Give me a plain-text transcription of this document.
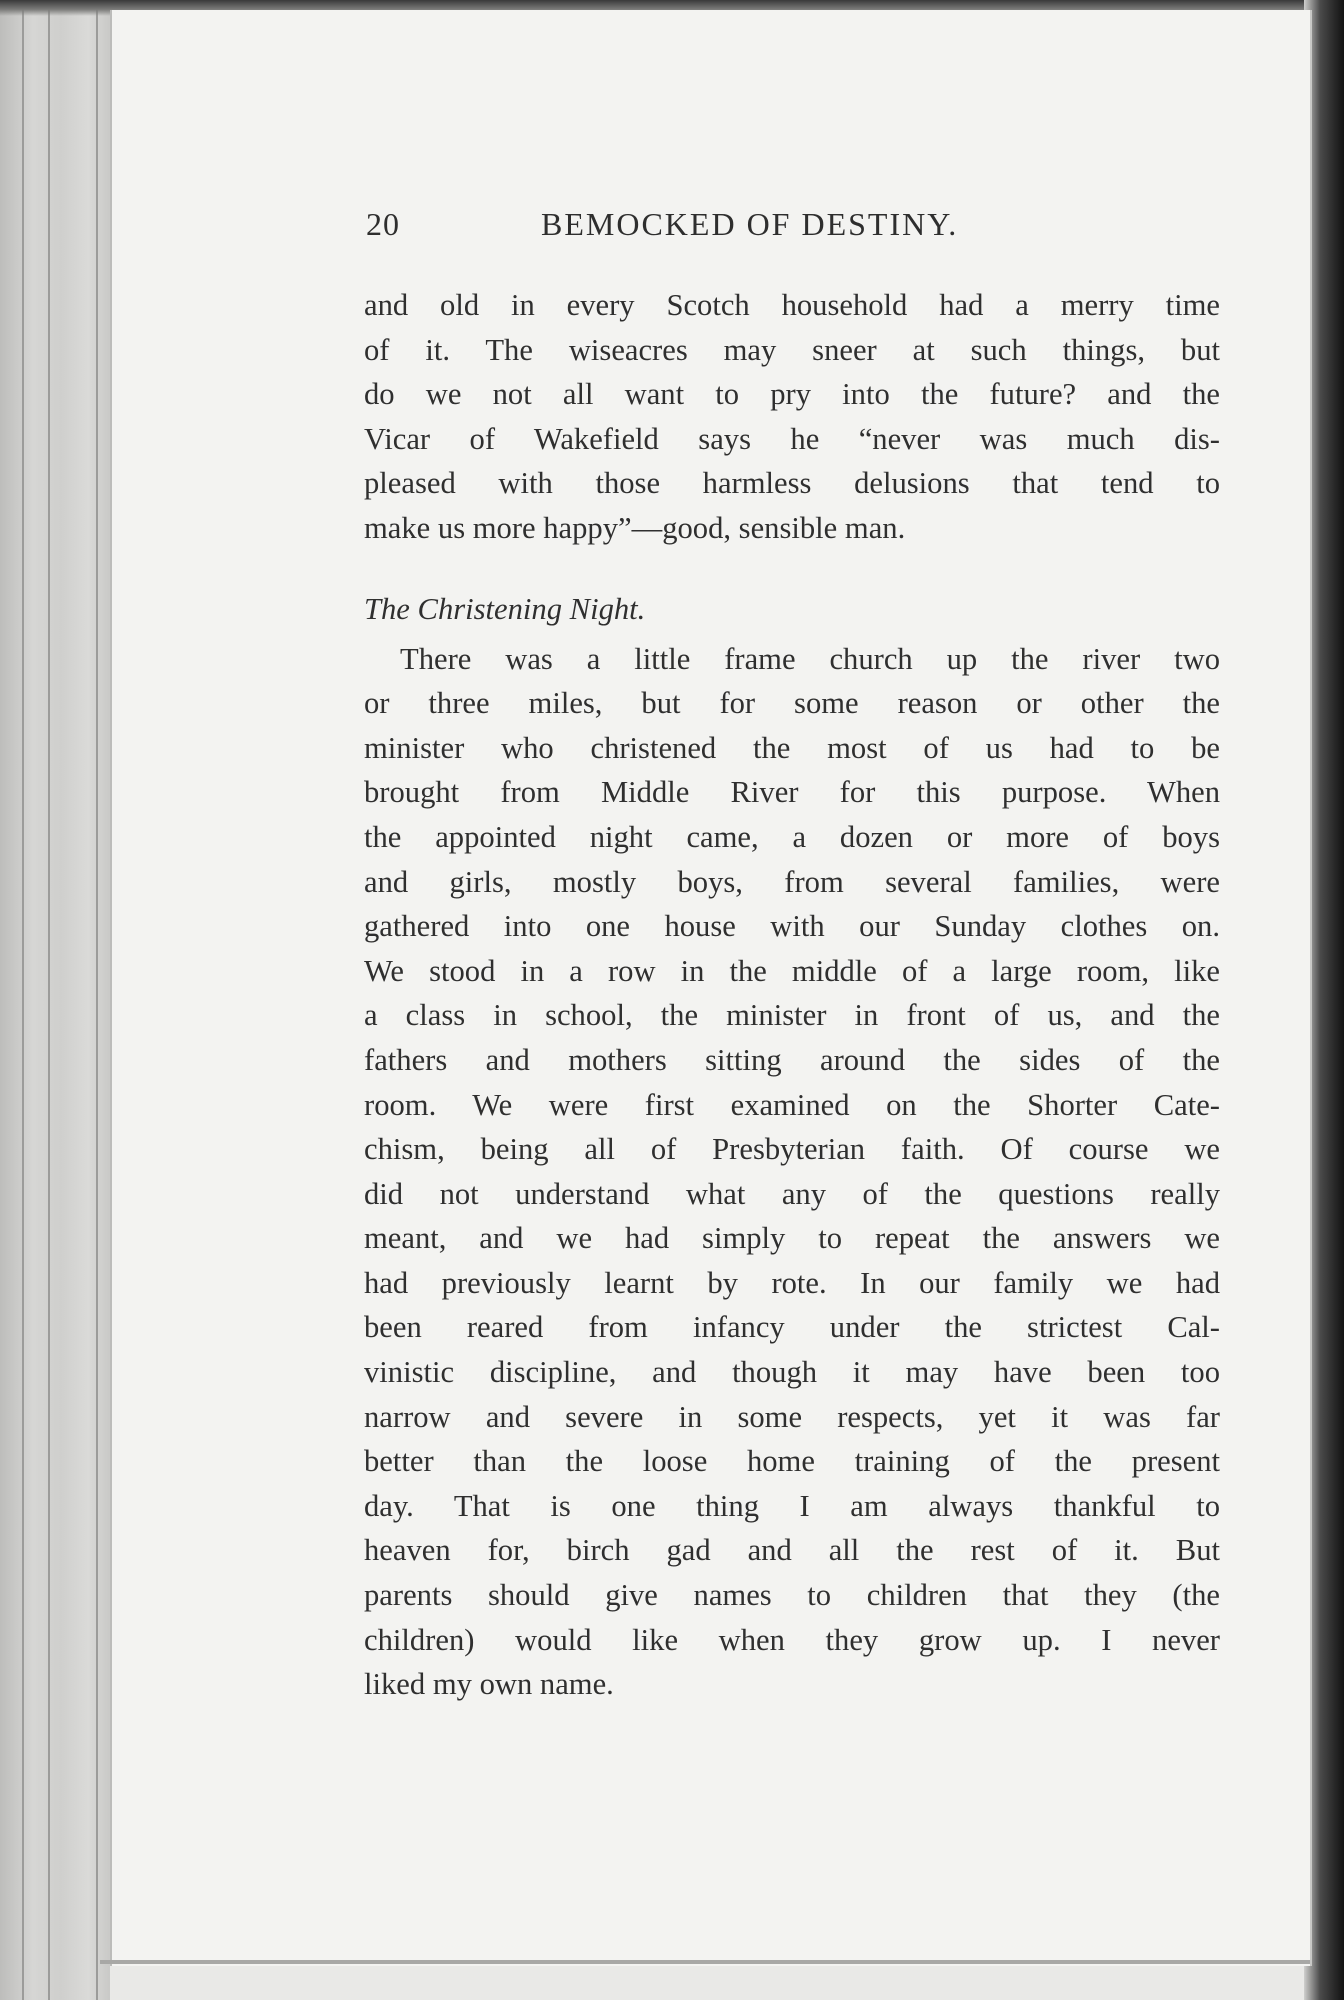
20	BEMOCKED OF DESTINY.
and old in every Scotch household had a merry time
of it. The wiseacres may sneer at such things, but
do we not all want to pry into the future? and the
Vicar of Wakefield says he “never was much dis-
pleased with those harmless delusions that tend to
make us more happy”—good, sensible man.
The Christening Night.
There was a little frame church up the river two
or three miles, but for some reason or other the
minister who christened the most of us had to be
brought from Middle River for this purpose. When
the appointed night came, a dozen or more of boys
and girls, mostly boys, from several families, were
gathered into one house with our Sunday clothes on.
We stood in a row in the middle of a large room, like
a class in school, the minister in front of us, and the
fathers and mothers sitting around the sides of the
room. We were first examined on the Shorter Cate-
chism, being all of Presbyterian faith. Of course we
did not understand what any of the questions really
meant, and we had simply to repeat the answers we
had previously learnt by rote. In our family we had
been reared from infancy under the strictest Cal-
vinistic discipline, and though it may have been too
narrow and severe in some respects, yet it was far
better than the loose home training of the present
day. That is one thing I am always thankful to
heaven for, birch gad and all the rest of it. But
parents should give names to children that they (the
children) would like when they grow up. I never
liked my own name.
